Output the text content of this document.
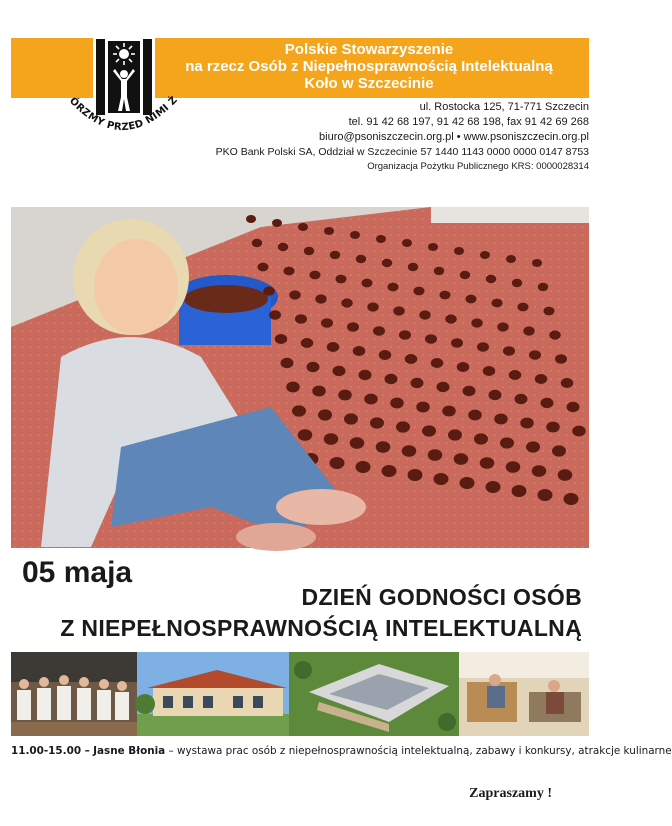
ÓRZMY PRZED NIMI Ż
Polskie Stowarzyszenie
na rzecz Osób z Niepełnosprawnością Intelektualną
Koło w Szczecinie
ul. Rostocka 125, 71-771 Szczecin
tel. 91 42 68 197, 91 42 68 198, fax 91 42 69 268
biuro@psoniszczecin.org.pl • www.psoniszczecin.org.pl
PKO Bank Polski SA, Oddział w Szczecinie 57 1440 1143 0000 0000 0147 8753
Organizacja Pożytku Publicznego KRS: 0000028314
05 maja
DZIEŃ GODNOŚCI OSÓB
Z NIEPEŁNOSPRAWNOŚCIĄ INTELEKTUALNĄ
11.00-15.00 – Jasne Błonia – wystawa prac osób z niepełnosprawnością intelektualną, zabawy i konkursy, atrakcje kulinarne
Zapraszamy !
